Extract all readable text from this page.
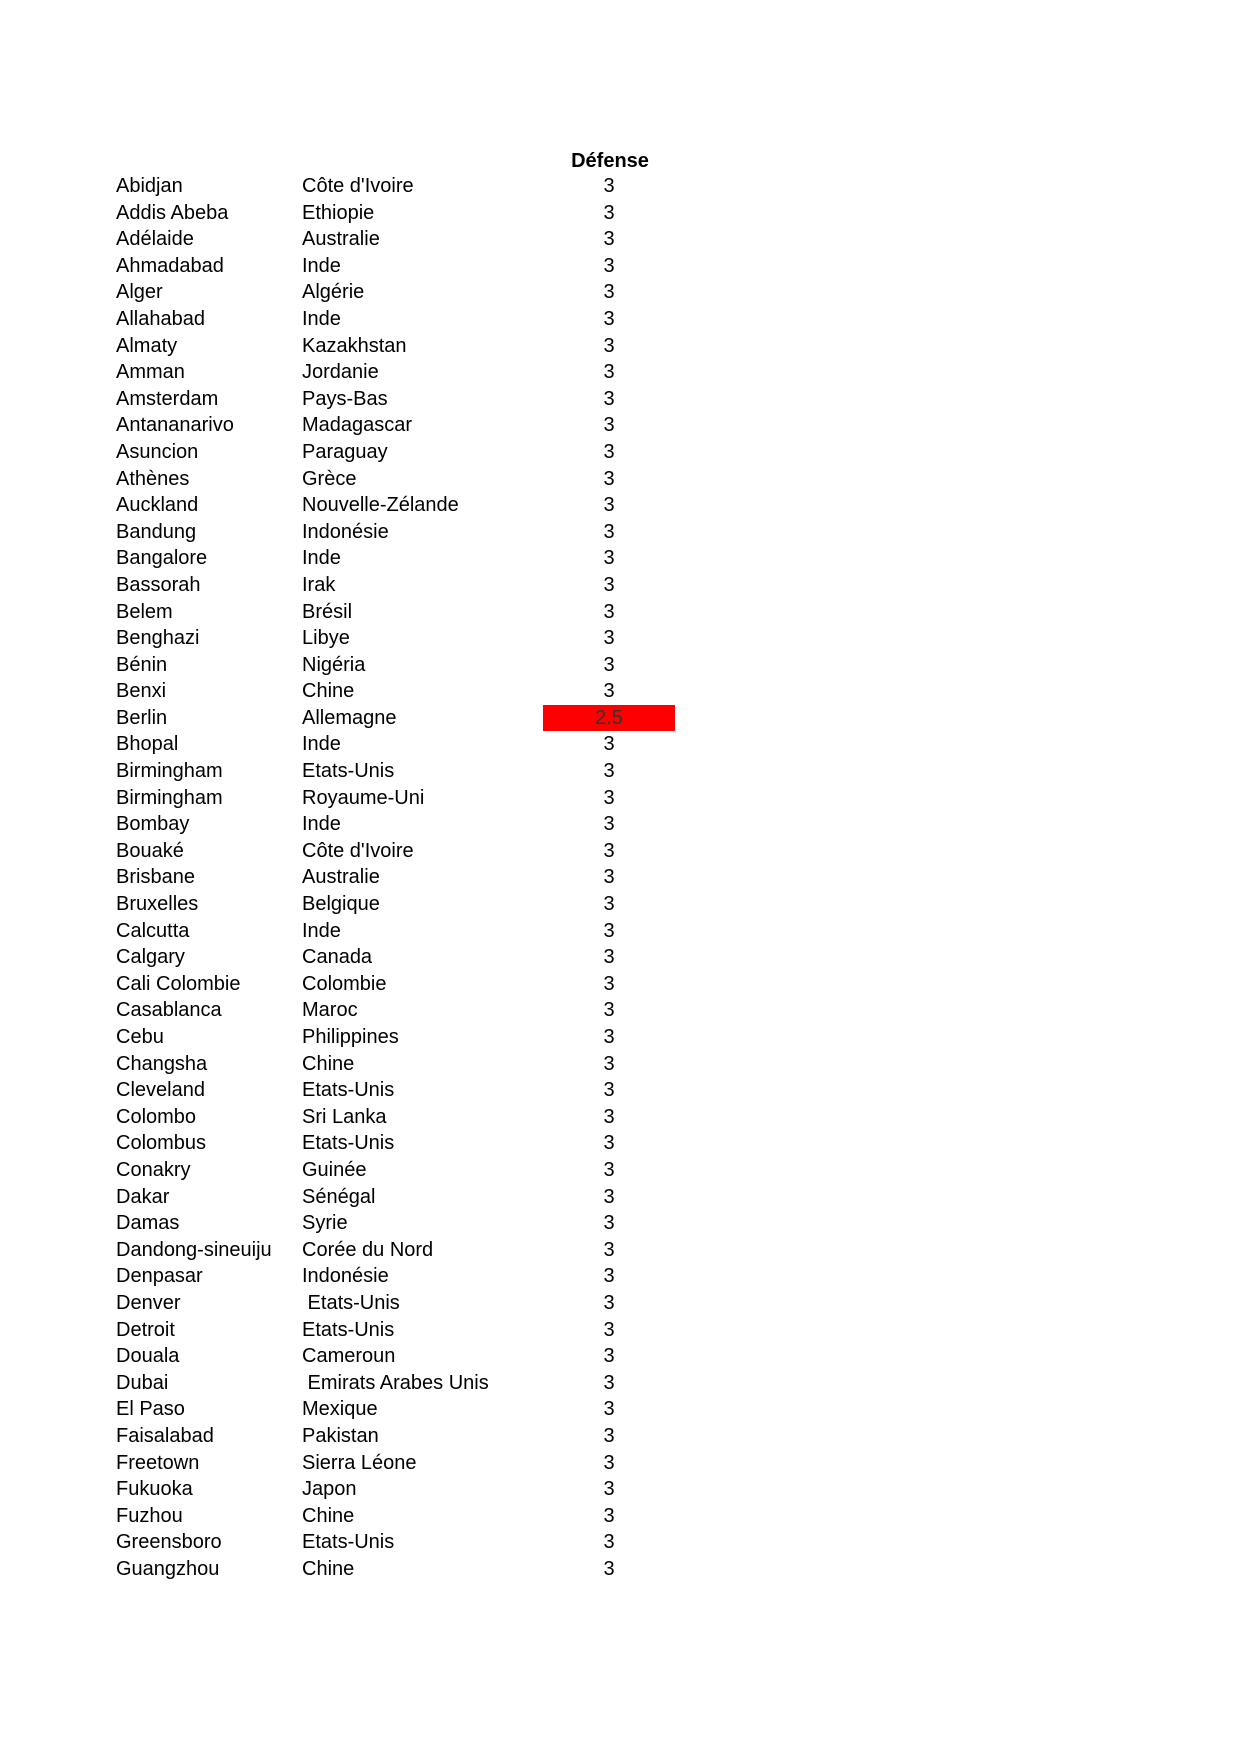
Défense
Abidjan	Côte d'Ivoire	3
Addis Abeba	Ethiopie	3
Adélaide	Australie	3
Ahmadabad	Inde	3
Alger	Algérie	3
Allahabad	Inde	3
Almaty	Kazakhstan	3
Amman	Jordanie	3
Amsterdam	Pays-Bas	3
Antananarivo	Madagascar	3
Asuncion	Paraguay	3
Athènes	Grèce	3
Auckland	Nouvelle-Zélande	3
Bandung	Indonésie	3
Bangalore	Inde	3
Bassorah	Irak	3
Belem	Brésil	3
Benghazi	Libye	3
Bénin	Nigéria	3
Benxi	Chine	3
Berlin	Allemagne	2.5
Bhopal	Inde	3
Birmingham	Etats-Unis	3
Birmingham	Royaume-Uni	3
Bombay	Inde	3
Bouaké	Côte d'Ivoire	3
Brisbane	Australie	3
Bruxelles	Belgique	3
Calcutta	Inde	3
Calgary	Canada	3
Cali Colombie	Colombie	3
Casablanca	Maroc	3
Cebu	Philippines	3
Changsha	Chine	3
Cleveland	Etats-Unis	3
Colombo	Sri Lanka	3
Colombus	Etats-Unis	3
Conakry	Guinée	3
Dakar	Sénégal	3
Damas	Syrie	3
Dandong-sineuiju	Corée du Nord	3
Denpasar	Indonésie	3
Denver	Etats-Unis	3
Detroit	Etats-Unis	3
Douala	Cameroun	3
Dubai	Emirats Arabes Unis	3
El Paso	Mexique	3
Faisalabad	Pakistan	3
Freetown	Sierra Léone	3
Fukuoka	Japon	3
Fuzhou	Chine	3
Greensboro	Etats-Unis	3
Guangzhou	Chine	3
